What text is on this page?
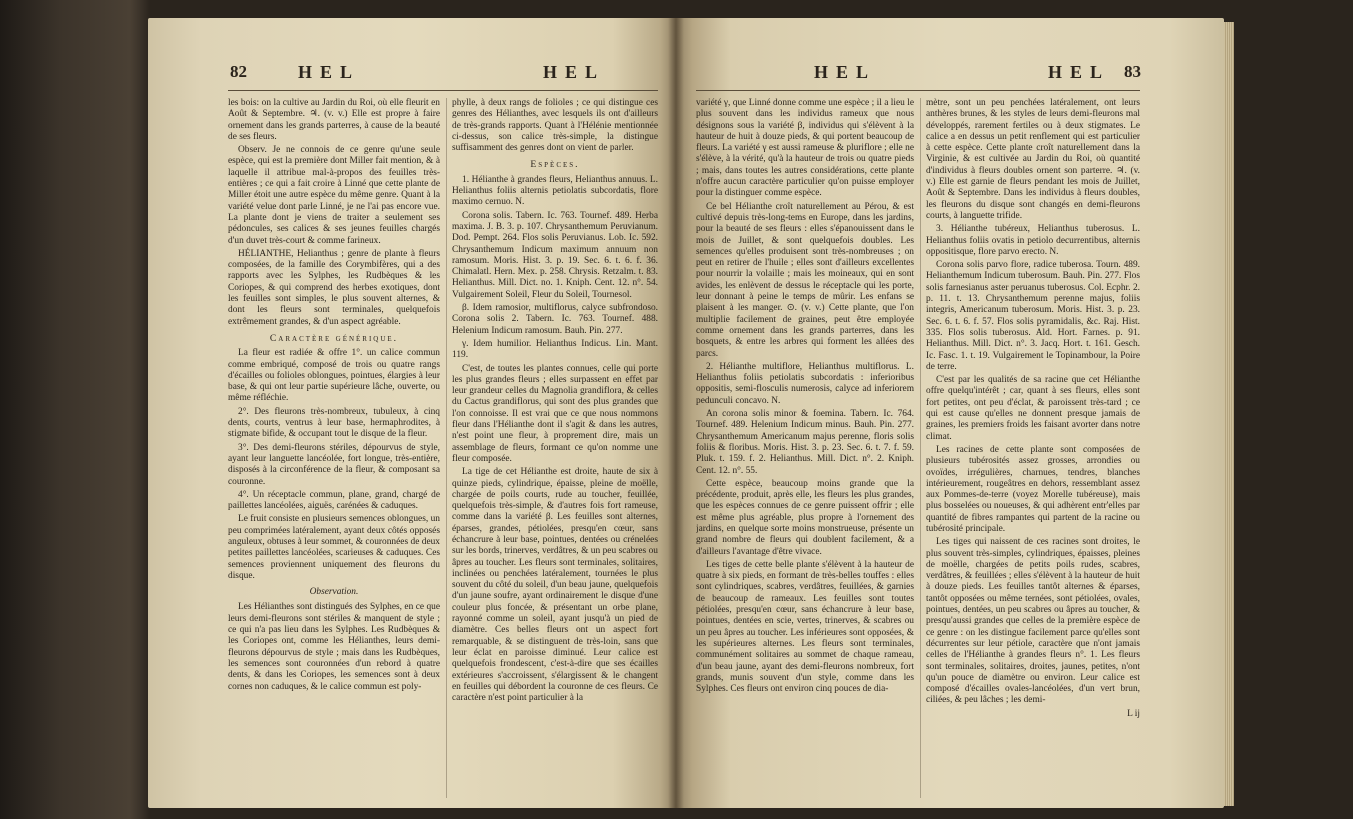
82	HEL	HEL

les bois: on la cultive au Jardin du Roi, où elle fleurit en Août & Septembre. ♃. (v. v.) Elle est propre à faire ornement dans les grands parterres, à cause de la beauté de ses fleurs.

Observ. Je ne connois de ce genre qu'une seule espèce, qui est la première dont Miller fait mention, & à laquelle il attribue mal-à-propos des feuilles très-entières ; ce qui a fait croire à Linné que cette plante de Miller étoit une autre espèce du même genre. Quant à la variété velue dont parle Linné, je ne l'ai pas encore vue. La plante dont je viens de traiter a seulement ses pédoncules, ses calices & ses jeunes feuilles chargés d'un duvet très-court & comme farineux.

HÉLIANTHE, Helianthus ; genre de plante à fleurs composées, de la famille des Corymbifères, qui a des rapports avec les Sylphes, les Rudbèques & les Coriopes, & qui comprend des herbes exotiques, dont les feuilles sont simples, le plus souvent alternes, & dont les fleurs sont terminales, quelquefois extrêmement grandes, & d'un aspect agréable.

Caractère générique.

La fleur est radiée & offre 1°. un calice commun comme embriqué, composé de trois ou quatre rangs d'écailles ou folioles oblongues, pointues, élargies à leur base, & qui ont leur partie supérieure lâche, ouverte, ou même réfléchie.

2°. Des fleurons très-nombreux, tubuleux, à cinq dents, courts, ventrus à leur base, hermaphrodites, à stigmate bifide, & occupant tout le disque de la fleur.

3°. Des demi-fleurons stériles, dépourvus de style, ayant leur languette lancéolée, fort longue, très-entière, disposés à la circonférence de la fleur, & composant sa couronne.

4°. Un réceptacle commun, plane, grand, chargé de paillettes lancéolées, aiguës, carénées & caduques.

Le fruit consiste en plusieurs semences oblongues, un peu comprimées latéralement, ayant deux côtés opposés anguleux, obtuses à leur sommet, & couronnées de deux petites paillettes lancéolées, scarieuses & caduques. Ces semences proviennent uniquement des fleurons du disque.

Observation.

Les Hélianthes sont distingués des Sylphes, en ce que leurs demi-fleurons sont stériles & manquent de style ; ce qui n'a pas lieu dans les Sylphes. Les Rudbèques & les Coriopes ont, comme les Hélianthes, leurs demi-fleurons dépourvus de style ; mais dans les Rudbèques, les semences sont couronnées d'un rebord à quatre dents, & dans les Coriopes, les semences sont à deux cornes non caduques, & le calice commun est poly-

phylle, à deux rangs de folioles ; ce qui distingue ces genres des Hélianthes, avec lesquels ils ont d'ailleurs de très-grands rapports. Quant à l'Hélénie mentionnée ci-dessus, son calice très-simple, la distingue suffisamment des genres dont on vient de parler.

Espèces.

1. Hélianthe à grandes fleurs, Helianthus annuus. L. Helianthus foliis alternis petiolatis subcordatis, flore maximo cernuo. N.

Corona solis. Tabern. Ic. 763. Tournef. 489. Herba maxima. J. B. 3. p. 107. Chrysanthemum Peruvianum. Dod. Pempt. 264. Flos solis Peruvianus. Lob. Ic. 592. Chrysanthemum Indicum maximum annuum non ramosum. Moris. Hist. 3. p. 19. Sec. 6. t. 6. f. 36. Chimalatl. Hern. Mex. p. 258. Chrysis. Retzalm. t. 83. Helianthus. Mill. Dict. no. 1. Kniph. Cent. 12. n°. 54. Vulgairement Soleil, Fleur du Soleil, Tournesol.

β. Idem ramosior, multiflorus, calyce subfrondoso. Corona solis 2. Tabern. Ic. 763. Tournef. 488. Helenium Indicum ramosum. Bauh. Pin. 277.

γ. Idem humilior. Helianthus Indicus. Lin. Mant. 119.

C'est, de toutes les plantes connues, celle qui porte les plus grandes fleurs ; elles surpassent en effet par leur grandeur celles du Magnolia grandiflora, & celles du Cactus grandiflorus, qui sont des plus grandes que l'on connoisse. Il est vrai que ce que nous nommons fleur dans l'Hélianthe dont il s'agit & dans les autres, n'est point une fleur, à proprement dire, mais un assemblage de fleurs, formant ce qu'on nomme une fleur composée.

La tige de cet Hélianthe est droite, haute de six à quinze pieds, cylindrique, épaisse, pleine de moëlle, chargée de poils courts, rude au toucher, feuillée, quelquefois très-simple, & d'autres fois fort rameuse, comme dans la variété β. Les feuilles sont alternes, éparses, grandes, pétiolées, presqu'en cœur, sans échancrure à leur base, pointues, dentées ou crénelées sur les bords, trinerves, verdâtres, & un peu scabres ou âpres au toucher. Les fleurs sont terminales, solitaires, inclinées ou penchées latéralement, tournées le plus souvent du côté du soleil, d'un beau jaune, quelquefois d'un jaune soufre, ayant ordinairement le disque d'une couleur plus foncée, & présentant un orbe plane, rayonné comme un soleil, ayant jusqu'à un pied de diamètre. Ces belles fleurs ont un aspect fort remarquable, & se distinguent de très-loin, sans que leur éclat en paroisse diminué. Leur calice est quelquefois frondescent, c'est-à-dire que ses écailles extérieures s'accroissent, s'élargissent & le changent en feuilles qui débordent la couronne de ces fleurs. Ce caractère n'est point particulier à la

HEL	HEL 83

variété γ, que Linné donne comme une espèce ; il a lieu le plus souvent dans les individus rameux que nous désignons sous la variété β, individus qui s'élèvent à la hauteur de huit à douze pieds, & qui portent beaucoup de fleurs. La variété γ est aussi rameuse & pluriflore ; elle ne s'élève, à la vérité, qu'à la hauteur de trois ou quatre pieds ; mais, dans toutes les autres considérations, cette plante n'offre aucun caractère particulier qu'on puisse employer pour la distinguer comme espèce.

Ce bel Hélianthe croît naturellement au Pérou, & est cultivé depuis très-long-tems en Europe, dans les jardins, pour la beauté de ses fleurs : elles s'épanouissent dans le mois de Juillet, & sont quelquefois doubles. Les semences qu'elles produisent sont très-nombreuses ; on peut en retirer de l'huile ; elles sont d'ailleurs excellentes pour nourrir la volaille ; mais les moineaux, qui en sont avides, les enlèvent de dessus le réceptacle qui les porte, leur donnant à peine le temps de mûrir. Les enfans se plaisent à les manger. ⊙. (v. v.) Cette plante, que l'on multiplie facilement de graines, peut être employée comme ornement dans les grands parterres, dans les bosquets, & entre les arbres qui forment les allées des parcs.

2. Hélianthe multiflore, Helianthus multiflorus. L. Helianthus foliis petiolatis subcordatis : inferioribus oppositis, semi-flosculis numerosis, calyce ad inferiorem pedunculi concavo. N.

An corona solis minor & foemina. Tabern. Ic. 764. Tournef. 489. Helenium Indicum minus. Bauh. Pin. 277. Chrysanthemum Americanum majus perenne, floris solis foliis & floribus. Moris. Hist. 3. p. 23. Sec. 6. t. 7. f. 59. Pluk. t. 159. f. 2. Helianthus. Mill. Dict. n°. 2. Kniph. Cent. 12. n°. 55.

Cette espèce, beaucoup moins grande que la précédente, produit, après elle, les fleurs les plus grandes, que les espèces connues de ce genre puissent offrir ; elle est même plus agréable, plus propre à l'ornement des jardins, en quelque sorte moins monstrueuse, présente un grand nombre de fleurs qui doublent facilement, & a d'ailleurs l'avantage d'être vivace.

Les tiges de cette belle plante s'élèvent à la hauteur de quatre à six pieds, en formant de très-belles touffes : elles sont cylindriques, scabres, verdâtres, feuillées, & garnies de beaucoup de rameaux. Les feuilles sont toutes pétiolées, presqu'en cœur, sans échancrure à leur base, pointues, dentées en scie, vertes, trinerves, & scabres ou un peu âpres au toucher. Les inférieures sont opposées, & les supérieures alternes. Les fleurs sont terminales, communément solitaires au sommet de chaque rameau, d'un beau jaune, ayant des demi-fleurons nombreux, fort grands, munis souvent d'un style, comme dans les Sylphes. Ces fleurs ont environ cinq pouces de dia-

mètre, sont un peu penchées latéralement, ont leurs anthères brunes, & les styles de leurs demi-fleurons mal développés, rarement fertiles ou à deux stigmates. Le calice a en dessus un petit renflement qui est particulier à cette espèce. Cette plante croît naturellement dans la Virginie, & est cultivée au Jardin du Roi, où quantité d'individus à fleurs doubles ornent son parterre. ♃. (v. v.) Elle est garnie de fleurs pendant les mois de Juillet, Août & Septembre. Dans les individus à fleurs doubles, les fleurons du disque sont changés en demi-fleurons courts, à languette trifide.

3. Hélianthe tubéreux, Helianthus tuberosus. L. Helianthus foliis ovatis in petiolo decurrentibus, alternis oppositisque, flore parvo erecto. N.

Corona solis parvo flore, radice tuberosa. Tourn. 489. Helianthemum Indicum tuberosum. Bauh. Pin. 277. Flos solis farnesianus aster peruanus tuberosus. Col. Ecphr. 2. p. 11. t. 13. Chrysanthemum perenne majus, foliis integris, Americanum tuberosum. Moris. Hist. 3. p. 23. Sec. 6. t. 6. f. 57. Flos solis pyramidalis, &c. Raj. Hist. 335. Flos solis tuberosus. Ald. Hort. Farnes. p. 91. Helianthus. Mill. Dict. n°. 3. Jacq. Hort. t. 161. Gesch. Ic. Fasc. 1. t. 19. Vulgairement le Topinambour, la Poire de terre.

C'est par les qualités de sa racine que cet Hélianthe offre quelqu'intérêt ; car, quant à ses fleurs, elles sont fort petites, ont peu d'éclat, & paroissent très-tard ; ce qui est cause qu'elles ne donnent presque jamais de graines, les premiers froids les faisant avorter dans notre climat.

Les racines de cette plante sont composées de plusieurs tubérosités assez grosses, arrondies ou ovoïdes, irrégulières, charnues, tendres, blanches intérieurement, rougeâtres en dehors, ressemblant assez aux Pommes-de-terre (voyez Morelle tubéreuse), mais plus bosselées ou noueuses, & qui adhèrent entr'elles par quantité de fibres rampantes qui partent de la racine ou tubérosité principale.

Les tiges qui naissent de ces racines sont droites, le plus souvent très-simples, cylindriques, épaisses, pleines de moëlle, chargées de petits poils rudes, scabres, verdâtres, & feuillées ; elles s'élèvent à la hauteur de huit à douze pieds. Les feuilles tantôt alternes & éparses, tantôt opposées ou même ternées, sont pétiolées, ovales, pointues, dentées, un peu scabres ou âpres au toucher, & presqu'aussi grandes que celles de la première espèce de ce genre : on les distingue facilement parce qu'elles sont décurrentes sur leur pétiole, caractère que n'ont jamais celles de l'Hélianthe à grandes fleurs n°. 1. Les fleurs sont terminales, solitaires, droites, jaunes, petites, n'ont qu'un pouce de diamètre ou environ. Leur calice est composé d'écailles ovales-lancéolées, d'un vert brun, ciliées, & peu lâches ; les demi-

L ij
